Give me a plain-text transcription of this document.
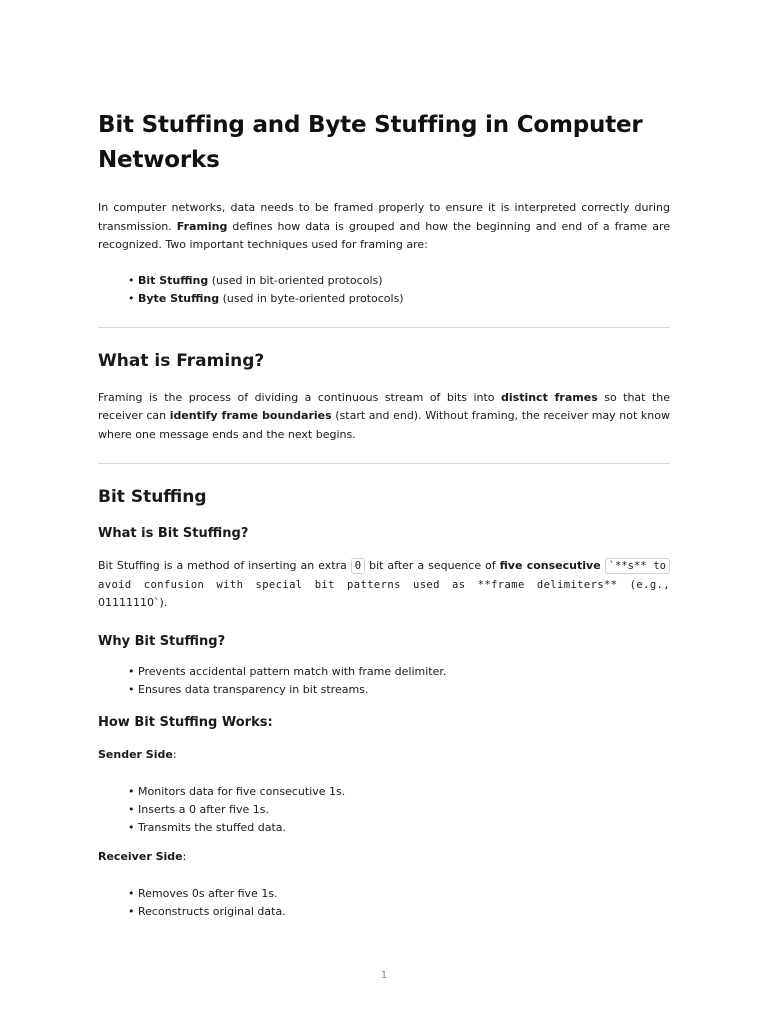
Bit Stuffing and Byte Stuffing in Computer Networks

In computer networks, data needs to be framed properly to ensure it is interpreted correctly during transmission. Framing defines how data is grouped and how the beginning and end of a frame are recognized. Two important techniques used for framing are:

• Bit Stuffing (used in bit-oriented protocols)
• Byte Stuffing (used in byte-oriented protocols)
What is Framing?

Framing is the process of dividing a continuous stream of bits into distinct frames so that the receiver can identify frame boundaries (start and end). Without framing, the receiver may not know where one message ends and the next begins.

Bit Stuffing
What is Bit Stuffing?

Bit Stuffing is a method of inserting an extra 0 bit after a sequence of five consecutive `**s** to avoid confusion with special bit patterns used as **frame delimiters** (e.g., 01111110`).

Why Bit Stuffing?
• Prevents accidental pattern match with frame delimiter.
• Ensures data transparency in bit streams.
How Bit Stuffing Works:
Sender Side:
• Monitors data for five consecutive 1s.
• Inserts a 0 after five 1s.
• Transmits the stuffed data.
Receiver Side:
• Removes 0s after five 1s.
• Reconstructs original data.
1
